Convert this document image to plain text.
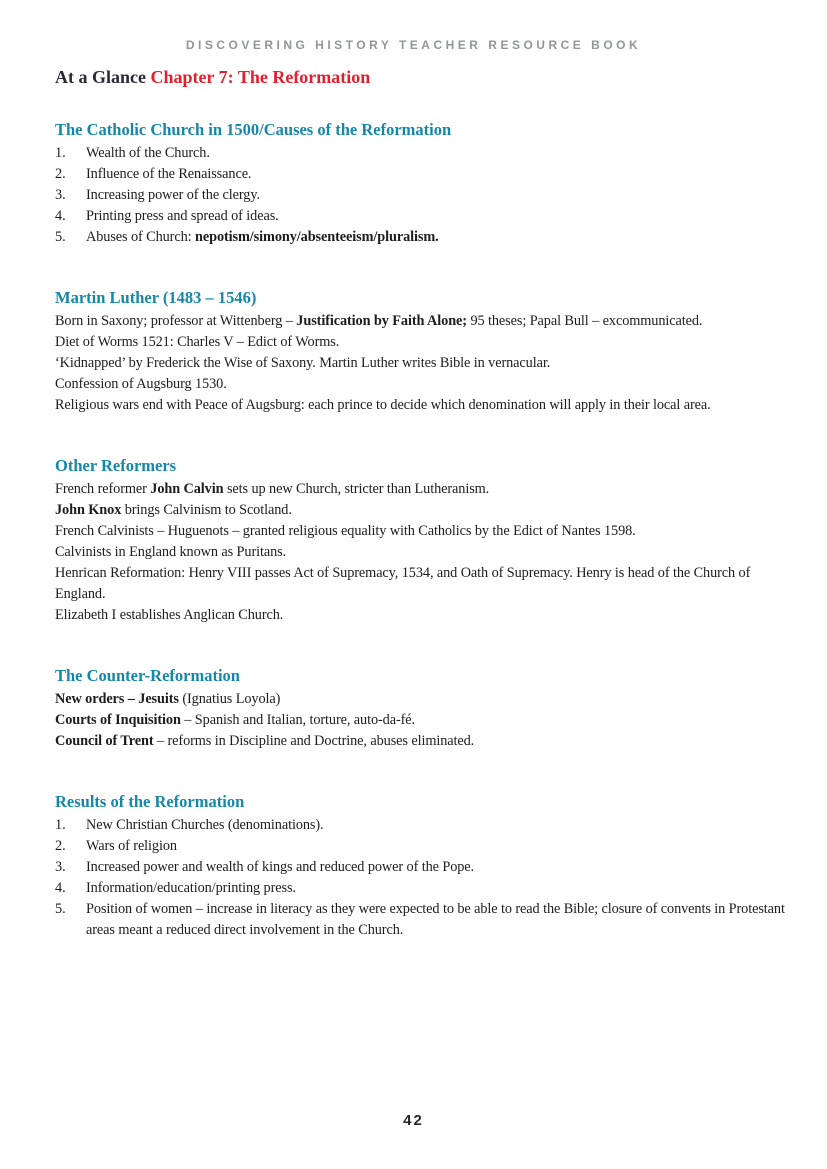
DISCOVERING HISTORY TEACHER RESOURCE BOOK
At a Glance Chapter 7: The Reformation
The Catholic Church in 1500/Causes of the Reformation
Wealth of the Church.
Influence of the Renaissance.
Increasing power of the clergy.
Printing press and spread of ideas.
Abuses of Church: nepotism/simony/absenteeism/pluralism.
Martin Luther (1483 – 1546)

Born in Saxony; professor at Wittenberg – Justification by Faith Alone; 95 theses; Papal Bull – excommunicated.

Diet of Worms 1521: Charles V – Edict of Worms.

‘Kidnapped’ by Frederick the Wise of Saxony. Martin Luther writes Bible in vernacular.

Confession of Augsburg 1530.

Religious wars end with Peace of Augsburg: each prince to decide which denomination will apply in their local area.

Other Reformers

French reformer John Calvin sets up new Church, stricter than Lutheranism.

John Knox brings Calvinism to Scotland.

French Calvinists – Huguenots – granted religious equality with Catholics by the Edict of Nantes 1598.

Calvinists in England known as Puritans.

Henrican Reformation: Henry VIII passes Act of Supremacy, 1534, and Oath of Supremacy. Henry is head of the Church of England.

Elizabeth I establishes Anglican Church.

The Counter-Reformation

New orders – Jesuits (Ignatius Loyola)

Courts of Inquisition – Spanish and Italian, torture, auto-da-fé.

Council of Trent – reforms in Discipline and Doctrine, abuses eliminated.

Results of the Reformation
New Christian Churches (denominations).
Wars of religion
Increased power and wealth of kings and reduced power of the Pope.
Information/education/printing press.
Position of women – increase in literacy as they were expected to be able to read the Bible; closure of convents in Protestant areas meant a reduced direct involvement in the Church.
42
